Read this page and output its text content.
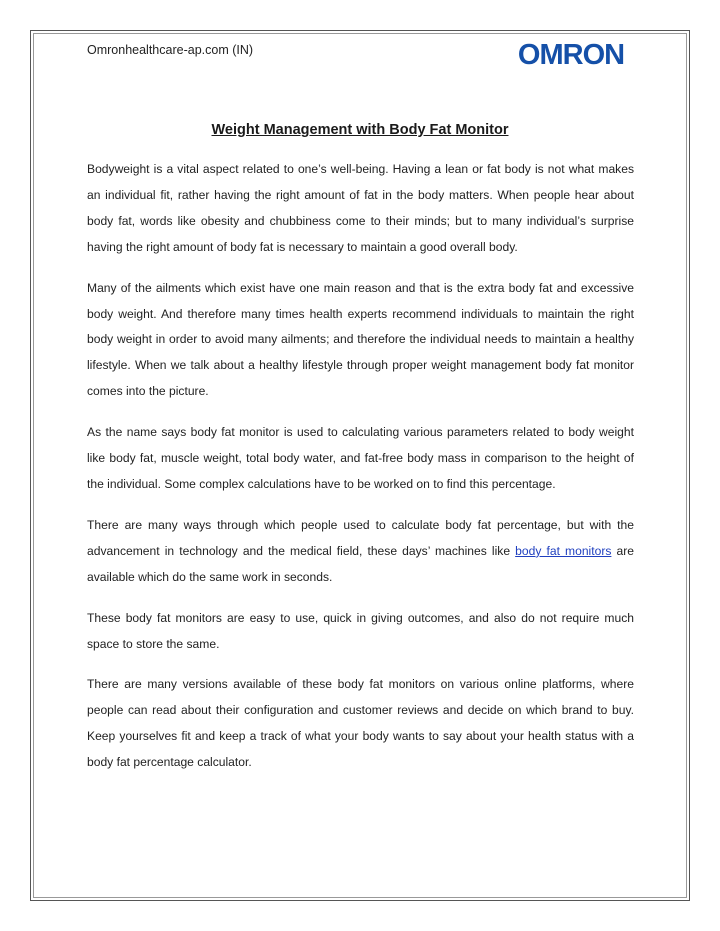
Omronhealthcare-ap.com (IN)	OMRON
Weight Management with Body Fat Monitor

Bodyweight is a vital aspect related to one’s well-being. Having a lean or fat body is not what makes an individual fit, rather having the right amount of fat in the body matters. When people hear about body fat, words like obesity and chubbiness come to their minds; but to many individual’s surprise having the right amount of body fat is necessary to maintain a good overall body.

Many of the ailments which exist have one main reason and that is the extra body fat and excessive body weight. And therefore many times health experts recommend individuals to maintain the right body weight in order to avoid many ailments; and therefore the individual needs to maintain a healthy lifestyle. When we talk about a healthy lifestyle through proper weight management body fat monitor comes into the picture.

As the name says body fat monitor is used to calculating various parameters related to body weight like body fat, muscle weight, total body water, and fat-free body mass in comparison to the height of the individual. Some complex calculations have to be worked on to find this percentage.

There are many ways through which people used to calculate body fat percentage, but with the advancement in technology and the medical field, these days’ machines like body fat monitors are available which do the same work in seconds.

These body fat monitors are easy to use, quick in giving outcomes, and also do not require much space to store the same.

There are many versions available of these body fat monitors on various online platforms, where people can read about their configuration and customer reviews and decide on which brand to buy. Keep yourselves fit and keep a track of what your body wants to say about your health status with a body fat percentage calculator.
